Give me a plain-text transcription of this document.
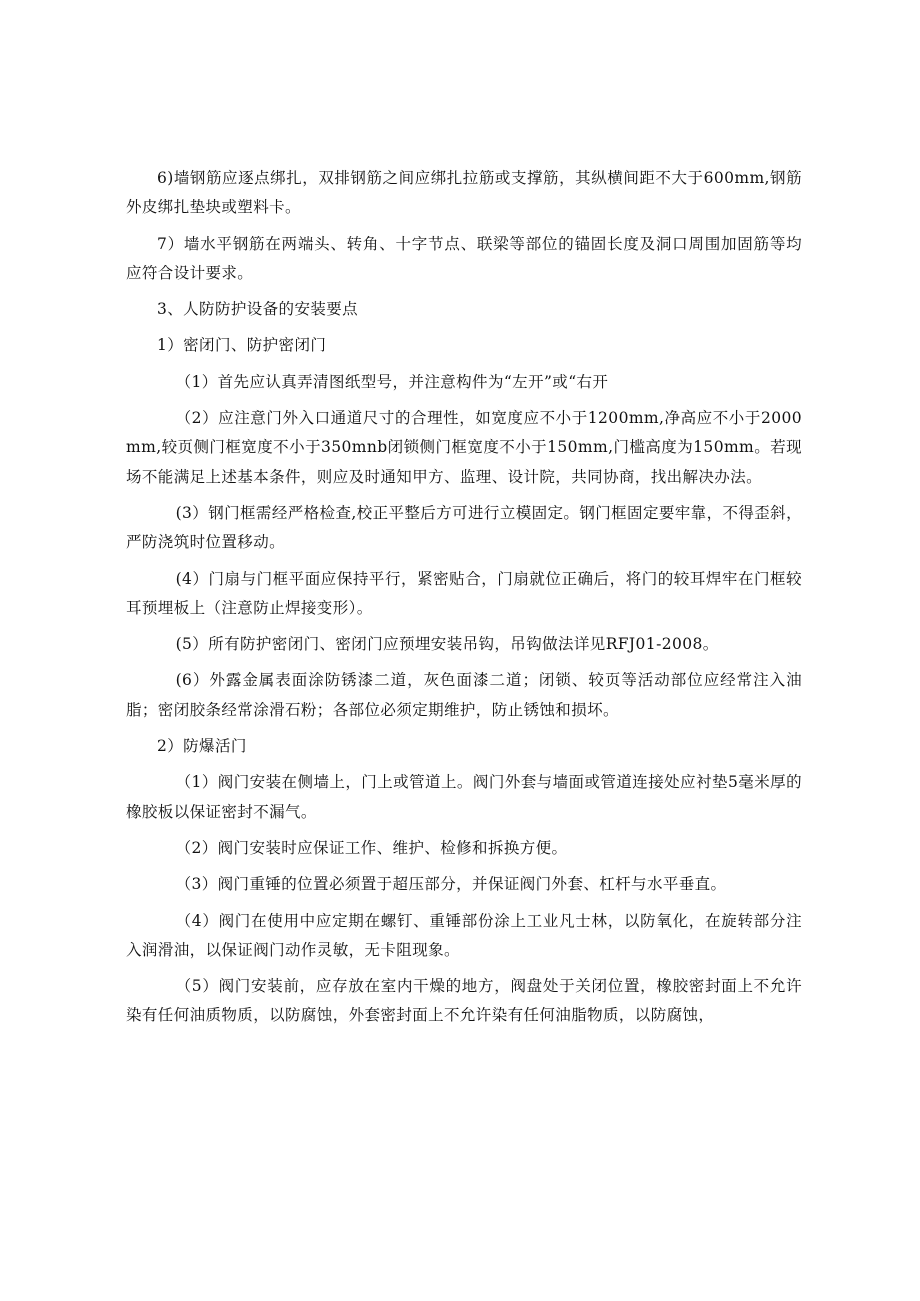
6)墙钢筋应逐点绑扎，双排钢筋之间应绑扎拉筋或支撑筋，其纵横间距不大于600mm,钢筋外皮绑扎垫块或塑料卡。

7）墙水平钢筋在两端头、转角、十字节点、联梁等部位的锚固长度及洞口周围加固筋等均应符合设计要求。

3、人防防护设备的安装要点

1）密闭门、防护密闭门

（1）首先应认真弄清图纸型号，并注意构件为“左开”或“右开

（2）应注意门外入口通道尺寸的合理性，如宽度应不小于1200mm,净高应不小于2000mm,较页侧门框宽度不小于350mnb闭锁侧门框宽度不小于150mm,门槛高度为150mm。若现场不能满足上述基本条件，则应及时通知甲方、监理、设计院，共同协商，找出解决办法。

(3）钢门框需经严格检查,校正平整后方可进行立模固定。钢门框固定要牢靠，不得歪斜，严防浇筑时位置移动。

(4）门扇与门框平面应保持平行，紧密贴合，门扇就位正确后，将门的较耳焊牢在门框较耳预埋板上（注意防止焊接变形）。

(5）所有防护密闭门、密闭门应预埋安装吊钩，吊钩做法详见RFJ01-2008。

(6）外露金属表面涂防锈漆二道，灰色面漆二道；闭锁、较页等活动部位应经常注入油脂；密闭胶条经常涂滑石粉；各部位必须定期维护，防止锈蚀和损坏。

2）防爆活门

（1）阀门安装在侧墙上，门上或管道上。阀门外套与墙面或管道连接处应衬垫5毫米厚的橡胶板以保证密封不漏气。

（2）阀门安装时应保证工作、维护、检修和拆换方便。

（3）阀门重锤的位置必须置于超压部分，并保证阀门外套、杠杆与水平垂直。

（4）阀门在使用中应定期在螺钉、重锤部份涂上工业凡士林，以防氧化，在旋转部分注入润滑油，以保证阀门动作灵敏，无卡阻现象。

（5）阀门安装前，应存放在室内干燥的地方，阀盘处于关闭位置，橡胶密封面上不允许染有任何油质物质，以防腐蚀，外套密封面上不允许染有任何油脂物质，以防腐蚀，
